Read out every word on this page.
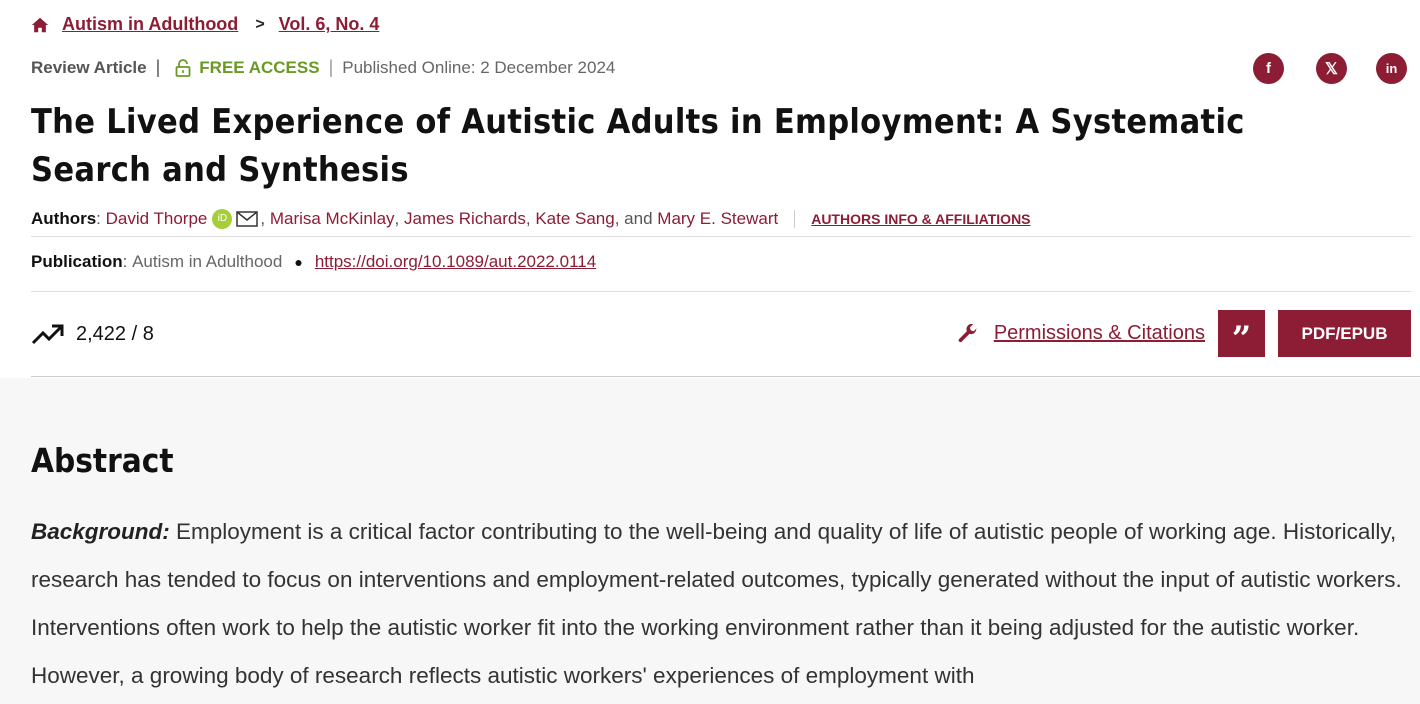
Autism in Adulthood > Vol. 6, No. 4
Review Article | FREE ACCESS | Published Online: 2 December 2024	f	𝕏	in
The Lived Experience of Autistic Adults in Employment: A Systematic Search and Synthesis
Authors : David Thorpe	iD	, Marisa McKinlay , James Richards , Kate Sang , and
Mary E. Stewart AUTHORS INFO & AFFILIATIONS
Publication : Autism in Adulthood ● https://doi.org/10.1089/aut.2022.0114
2,422 / 8	Permissions & Citations ”	PDF/EPUB
Abstract

Background: Employment is a critical factor contributing to the well-being and quality of life of autistic people of working age. Historically, research has tended to focus on interventions and employment-related outcomes, typically generated without the input of autistic workers. Interventions often work to help the autistic worker fit into the working environment rather than it being adjusted for the autistic worker. However, a growing body of research reflects autistic workers' experiences of employment with
